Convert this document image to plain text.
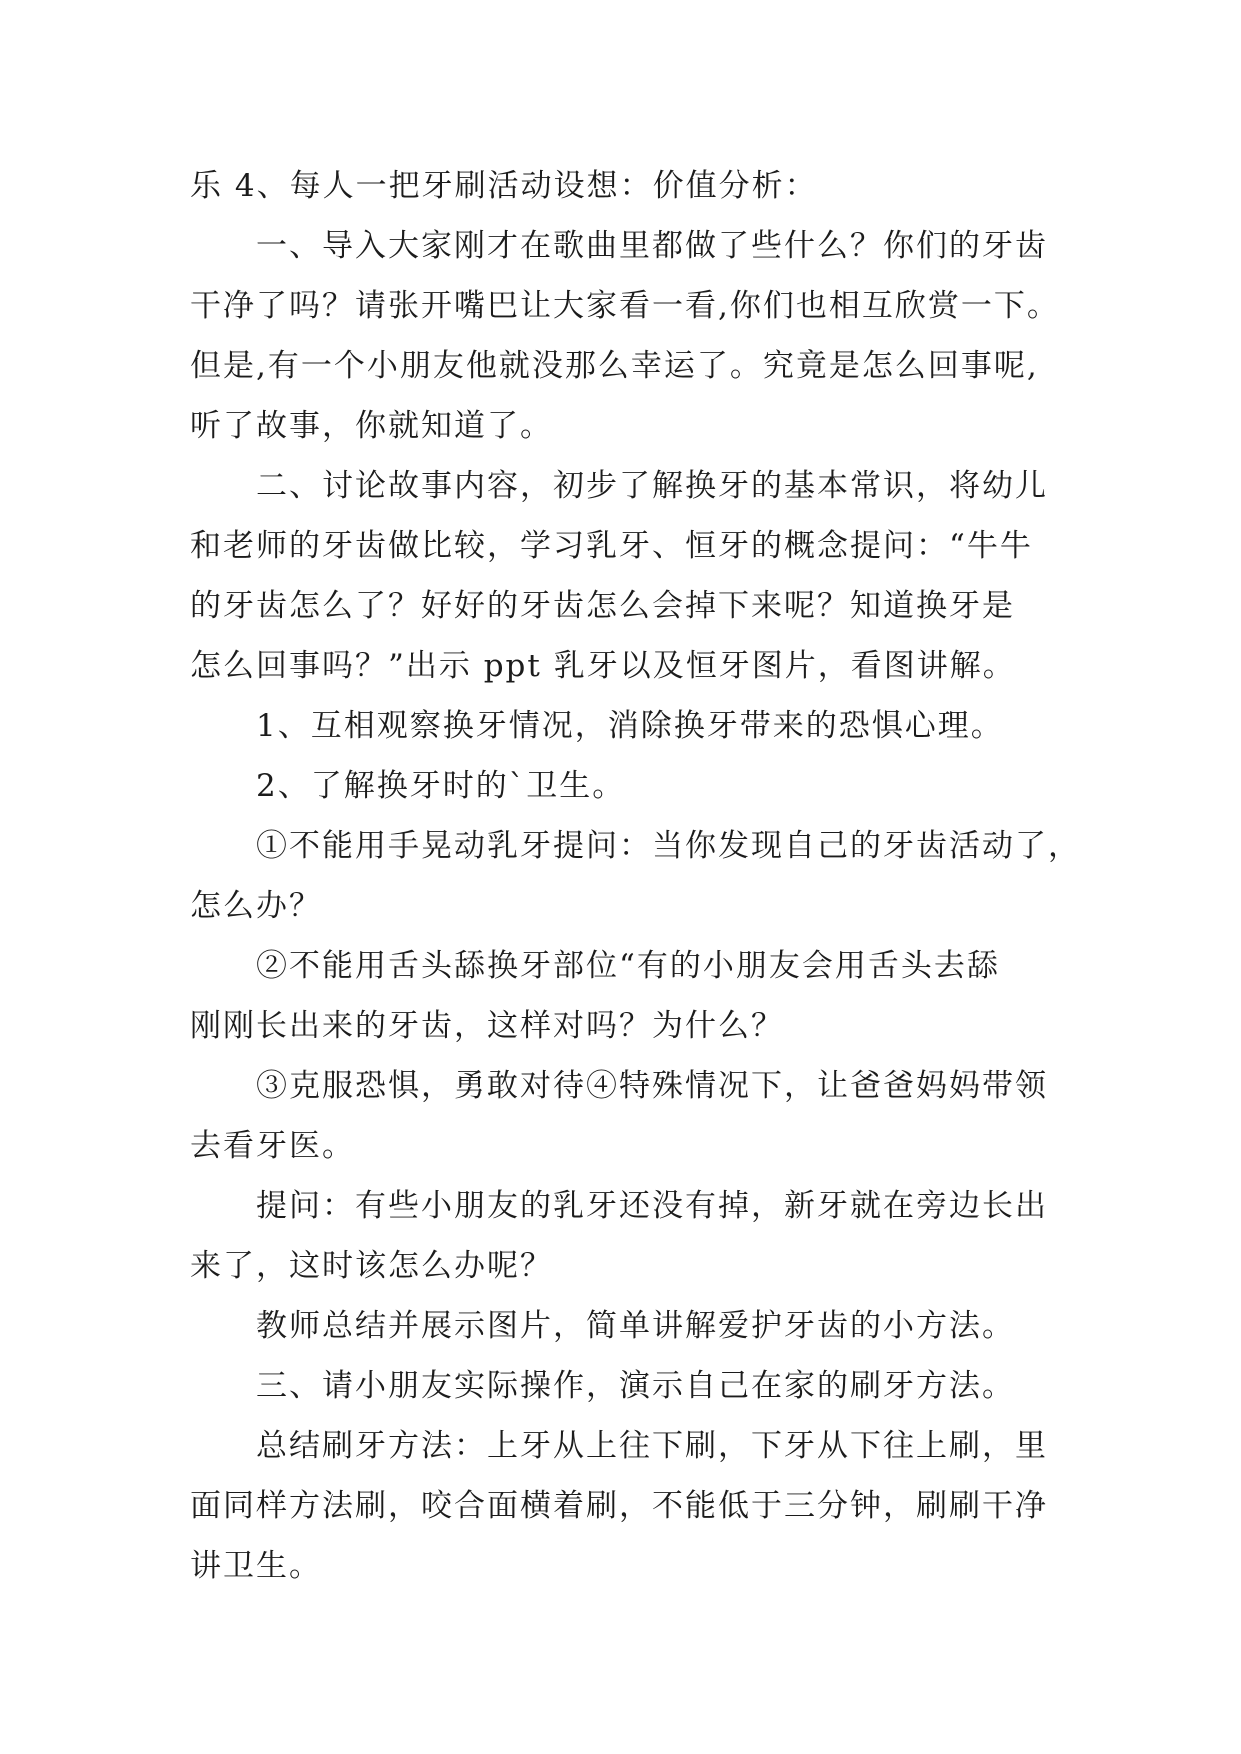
乐 4、每人一把牙刷活动设想：价值分析：
一、导入大家刚才在歌曲里都做了些什么？你们的牙齿
干净了吗？请张开嘴巴让大家看一看,你们也相互欣赏一下。
但是,有一个小朋友他就没那么幸运了。究竟是怎么回事呢,
听了故事，你就知道了。
二、讨论故事内容，初步了解换牙的基本常识，将幼儿
和老师的牙齿做比较，学习乳牙、恒牙的概念提问：“牛牛
的牙齿怎么了？好好的牙齿怎么会掉下来呢？知道换牙是
怎么回事吗？”出示 ppt 乳牙以及恒牙图片，看图讲解。
1、互相观察换牙情况，消除换牙带来的恐惧心理。
2、了解换牙时的`卫生。
①不能用手晃动乳牙提问：当你发现自己的牙齿活动了，
怎么办？
②不能用舌头舔换牙部位“有的小朋友会用舌头去舔
刚刚长出来的牙齿，这样对吗？为什么？
③克服恐惧，勇敢对待④特殊情况下，让爸爸妈妈带领
去看牙医。
提问：有些小朋友的乳牙还没有掉，新牙就在旁边长出
来了，这时该怎么办呢？
教师总结并展示图片，简单讲解爱护牙齿的小方法。
三、请小朋友实际操作，演示自己在家的刷牙方法。
总结刷牙方法：上牙从上往下刷，下牙从下往上刷，里
面同样方法刷，咬合面横着刷，不能低于三分钟，刷刷干净
讲卫生。
